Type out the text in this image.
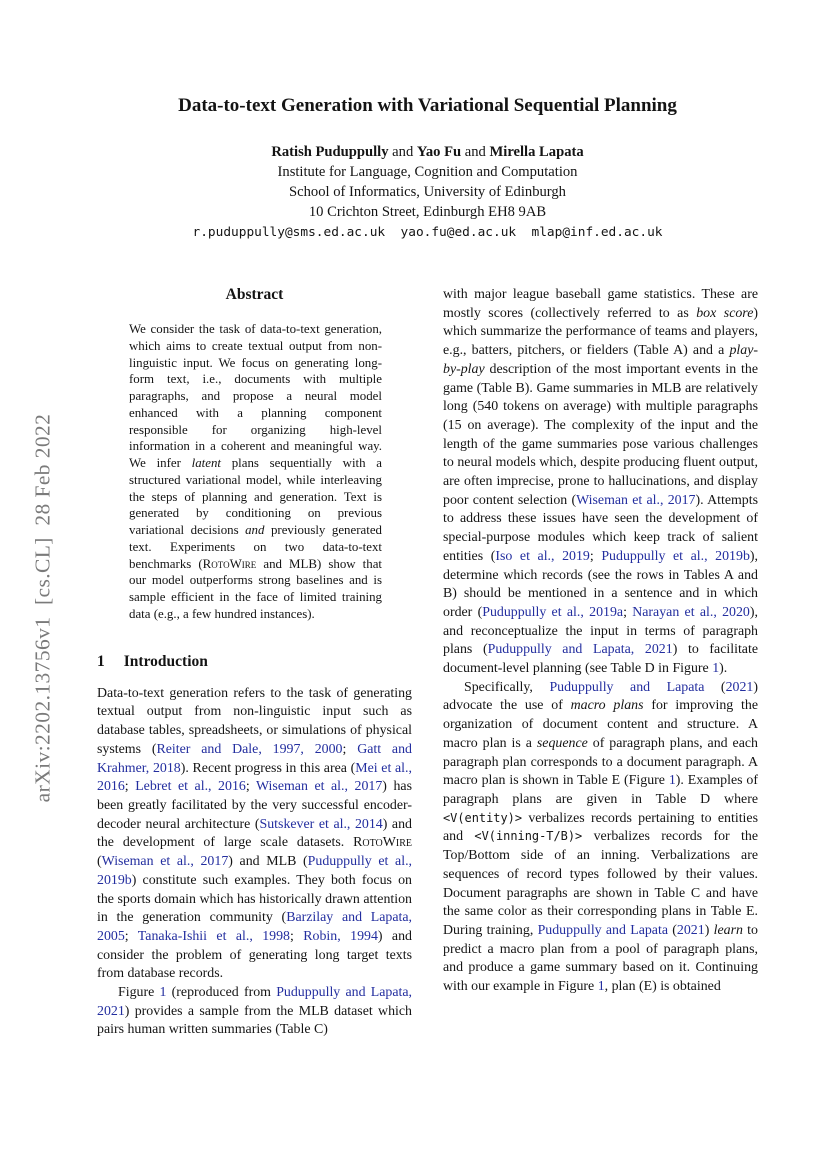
arXiv:2202.13756v1  [cs.CL]  28 Feb 2022
Data-to-text Generation with Variational Sequential Planning
Ratish Puduppully and Yao Fu and Mirella Lapata
Institute for Language, Cognition and Computation
School of Informatics, University of Edinburgh
10 Crichton Street, Edinburgh EH8 9AB
r.puduppully@sms.ed.ac.uk  yao.fu@ed.ac.uk  mlap@inf.ed.ac.uk
Abstract
We consider the task of data-to-text generation, which aims to create textual output from non-linguistic input. We focus on generating long-form text, i.e., documents with multiple paragraphs, and propose a neural model enhanced with a planning component responsible for organizing high-level information in a coherent and meaningful way. We infer latent plans sequentially with a structured variational model, while interleaving the steps of planning and generation. Text is generated by conditioning on previous variational decisions and previously generated text. Experiments on two data-to-text benchmarks (RotoWire and MLB) show that our model outperforms strong baselines and is sample efficient in the face of limited training data (e.g., a few hundred instances).
1 Introduction

Data-to-text generation refers to the task of generating textual output from non-linguistic input such as database tables, spreadsheets, or simulations of physical systems (Reiter and Dale, 1997, 2000; Gatt and Krahmer, 2018). Recent progress in this area (Mei et al., 2016; Lebret et al., 2016; Wiseman et al., 2017) has been greatly facilitated by the very successful encoder-decoder neural architecture (Sutskever et al., 2014) and the development of large scale datasets. RotoWire (Wiseman et al., 2017) and MLB (Puduppully et al., 2019b) constitute such examples. They both focus on the sports domain which has historically drawn attention in the generation community (Barzilay and Lapata, 2005; Tanaka-Ishii et al., 1998; Robin, 1994) and consider the problem of generating long target texts from database records.

Figure 1 (reproduced from Puduppully and Lapata, 2021) provides a sample from the MLB dataset which pairs human written summaries (Table C)

with major league baseball game statistics. These are mostly scores (collectively referred to as box score) which summarize the performance of teams and players, e.g., batters, pitchers, or fielders (Table A) and a play-by-play description of the most important events in the game (Table B). Game summaries in MLB are relatively long (540 tokens on average) with multiple paragraphs (15 on average). The complexity of the input and the length of the game summaries pose various challenges to neural models which, despite producing fluent output, are often imprecise, prone to hallucinations, and display poor content selection (Wiseman et al., 2017). Attempts to address these issues have seen the development of special-purpose modules which keep track of salient entities (Iso et al., 2019; Puduppully et al., 2019b), determine which records (see the rows in Tables A and B) should be mentioned in a sentence and in which order (Puduppully et al., 2019a; Narayan et al., 2020), and reconceptualize the input in terms of paragraph plans (Puduppully and Lapata, 2021) to facilitate document-level planning (see Table D in Figure 1).

Specifically, Puduppully and Lapata (2021) advocate the use of macro plans for improving the organization of document content and structure. A macro plan is a sequence of paragraph plans, and each paragraph plan corresponds to a document paragraph. A macro plan is shown in Table E (Figure 1). Examples of paragraph plans are given in Table D where <V(entity)> verbalizes records pertaining to entities and <V(inning-T/B)> verbalizes records for the Top/Bottom side of an inning. Verbalizations are sequences of record types followed by their values. Document paragraphs are shown in Table C and have the same color as their corresponding plans in Table E. During training, Puduppully and Lapata (2021) learn to predict a macro plan from a pool of paragraph plans, and produce a game summary based on it. Continuing with our example in Figure 1, plan (E) is obtained
